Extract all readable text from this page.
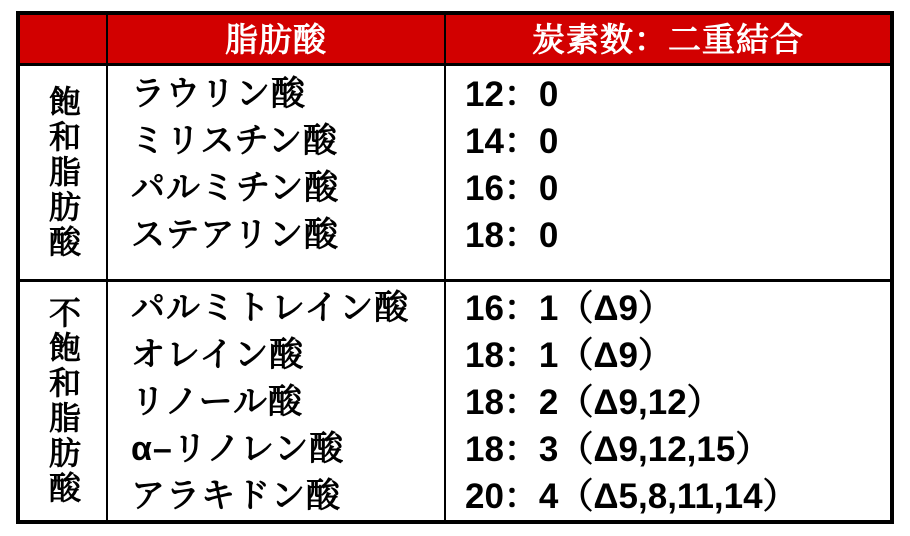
脂肪酸	炭素数：二重結合
飽和脂肪酸 ラウリン酸
ミリスチン酸
パルミチン酸
ステアリン酸
12：0
14：0
16：0
18：0
不飽和脂肪酸 パルミトレイン酸
オレイン酸
リノール酸
α–リノレン酸
アラキドン酸
16：1（Δ9）
18：1（Δ9）
18：2（Δ9,12）
18：3（Δ9,12,15）
20：4（Δ5,8,11,14）
